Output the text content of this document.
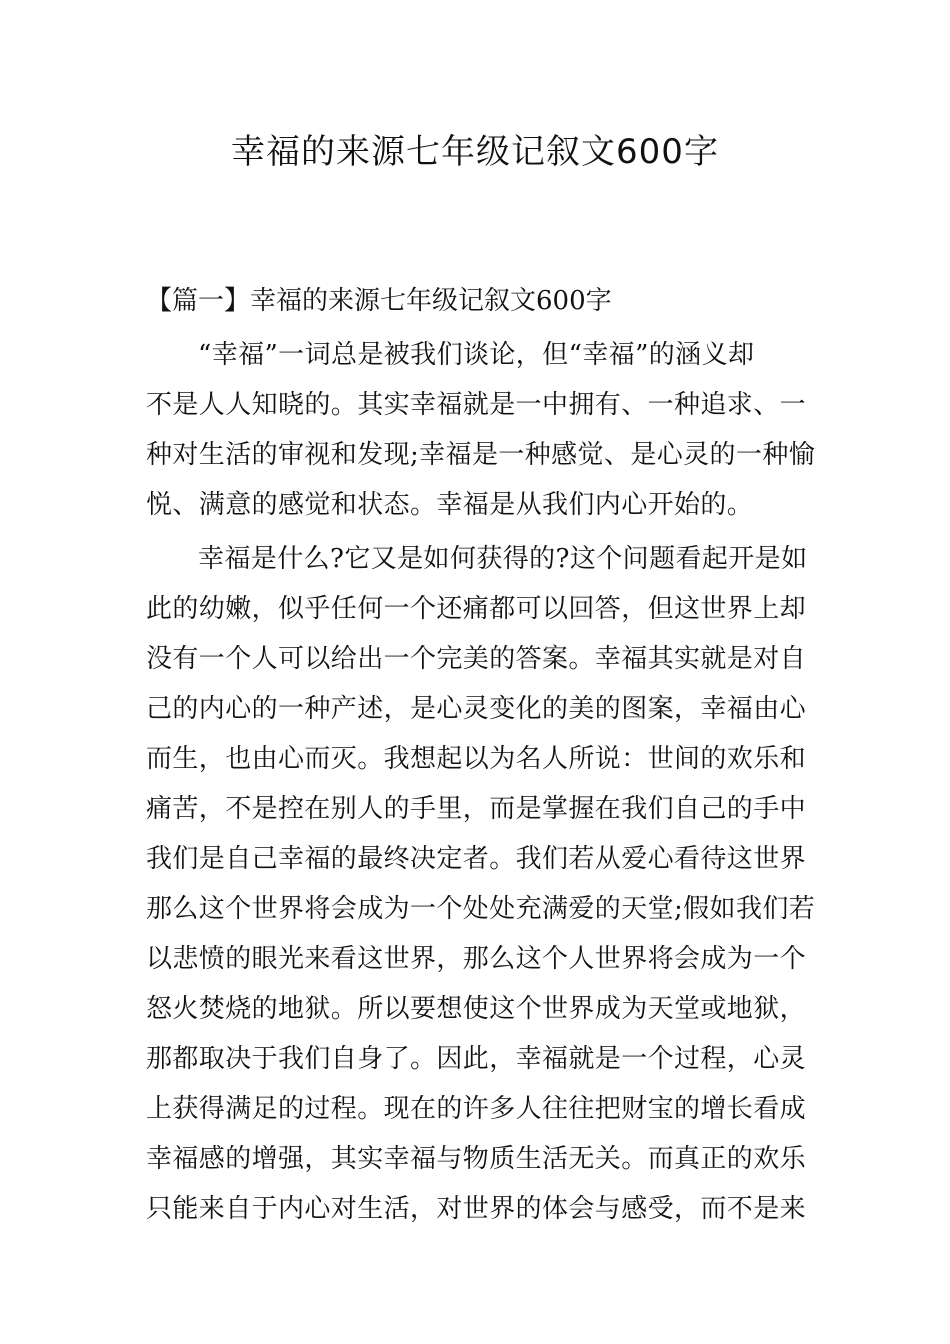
幸福的来源七年级记叙文600字
【篇一】幸福的来源七年级记叙文600字
“幸福”一词总是被我们谈论，但“幸福”的涵义却
不是人人知晓的。其实幸福就是一中拥有、一种追求、一
种对生活的审视和发现;幸福是一种感觉、是心灵的一种愉
悦、满意的感觉和状态。幸福是从我们内心开始的。
幸福是什么?它又是如何获得的?这个问题看起开是如
此的幼嫩，似乎任何一个还痛都可以回答，但这世界上却
没有一个人可以给出一个完美的答案。幸福其实就是对自
己的内心的一种产述，是心灵变化的美的图案，幸福由心
而生，也由心而灭。我想起以为名人所说：世间的欢乐和
痛苦，不是控在别人的手里，而是掌握在我们自己的手中
我们是自己幸福的最终决定者。我们若从爱心看待这世界
那么这个世界将会成为一个处处充满爱的天堂;假如我们若
以悲愤的眼光来看这世界，那么这个人世界将会成为一个
怒火焚烧的地狱。所以要想使这个世界成为天堂或地狱，
那都取决于我们自身了。因此，幸福就是一个过程，心灵
上获得满足的过程。现在的许多人往往把财宝的增长看成
幸福感的增强，其实幸福与物质生活无关。而真正的欢乐
只能来自于内心对生活，对世界的体会与感受，而不是来
